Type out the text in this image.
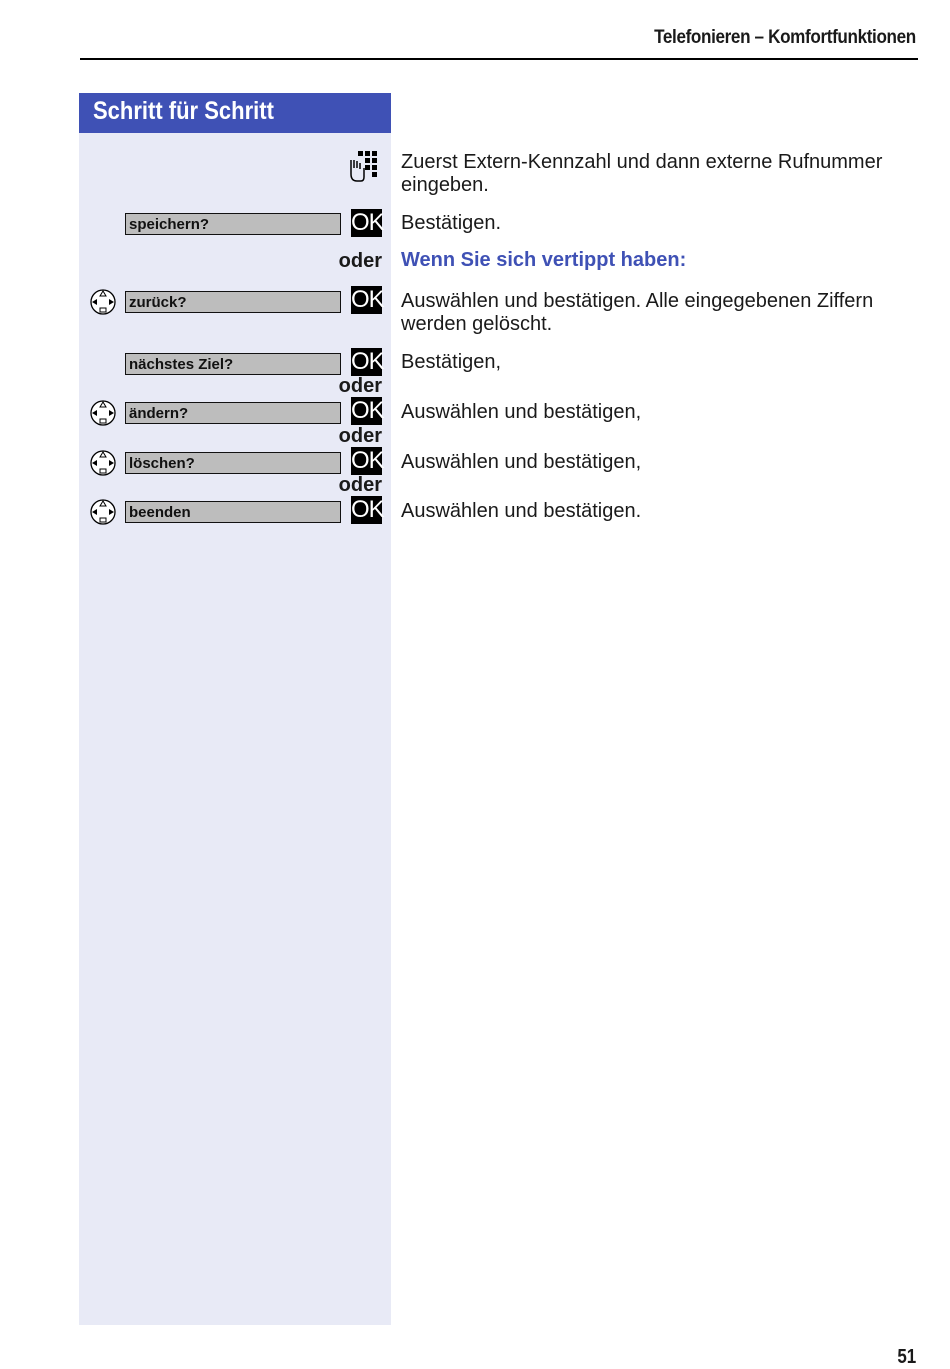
Telefonieren – Komfortfunktionen
Schritt für Schritt
Zuerst Extern-Kennzahl und dann externe Rufnummer eingeben.
speichern?	OK Bestätigen.
oder Wenn Sie sich vertippt haben:
zurück?	OK Auswählen und bestätigen. Alle eingegebenen Ziffern werden gelöscht.
nächstes Ziel?	OK Bestätigen,
oder
ändern?	OK Auswählen und bestätigen,
oder
löschen?	OK Auswählen und bestätigen,
oder
beenden	OK Auswählen und bestätigen.
51
